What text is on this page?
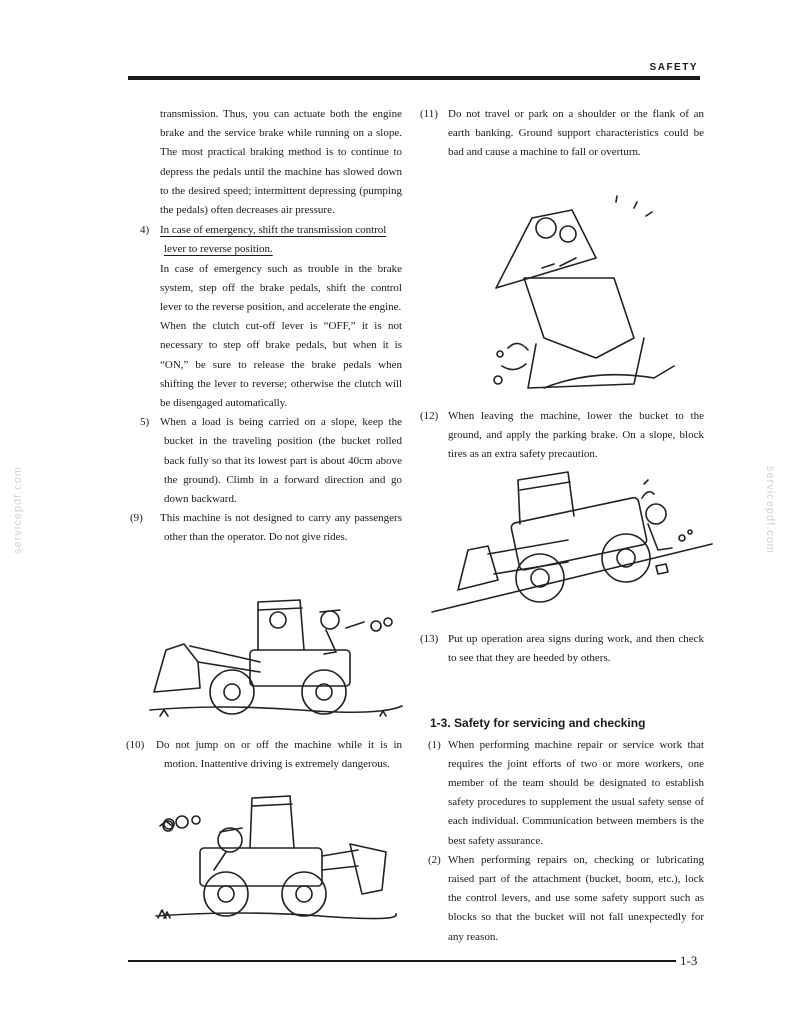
SAFETY
1-3
servicepdf.com	servicepdf.com

transmission. Thus, you can actuate both the engine brake and the service brake while running on a slope. The most practical braking method is to continue to depress the pedals until the machine has slowed down to the desired speed; intermittent depressing (pumping the pedals) often decreases air pressure.

4) In case of emergency, shift the transmission control lever to reverse position.

In case of emergency such as trouble in the brake system, step off the brake pedals, shift the control lever to the reverse position, and accelerate the engine.

When the clutch cut-off lever is “OFF,” it is not necessary to step off brake pedals, but when it is “ON,” be sure to release the brake pedals when shifting the lever to reverse; otherwise the clutch will be disengaged automatically.

5) When a load is being carried on a slope, keep the bucket in the traveling position (the bucket rolled back fully so that its lowest part is about 40cm above the ground). Climb in a forward direction and go down backward.

(9) This machine is not designed to carry any passengers other than the operator. Do not give rides.

(10) Do not jump on or off the machine while it is in motion. Inattentive driving is extremely dangerous.

(11) Do not travel or park on a shoulder or the flank of an earth banking. Ground support characteristics could be bad and cause a machine to fall or overturn.

(12) When leaving the machine, lower the bucket to the ground, and apply the parking brake. On a slope, block tires as an extra safety precaution.

(13) Put up operation area signs during work, and then check to see that they are heeded by others.

1-3. Safety for servicing and checking

(1) When performing machine repair or service work that requires the joint efforts of two or more workers, one member of the team should be designated to establish safety procedures to supplement the usual safety sense of each individual. Communication between members is the best safety assurance.

(2) When performing repairs on, checking or lubricating raised part of the attachment (bucket, boom, etc.), lock the control levers, and use some safety support such as blocks so that the bucket will not fall unexpectedly for any reason.
